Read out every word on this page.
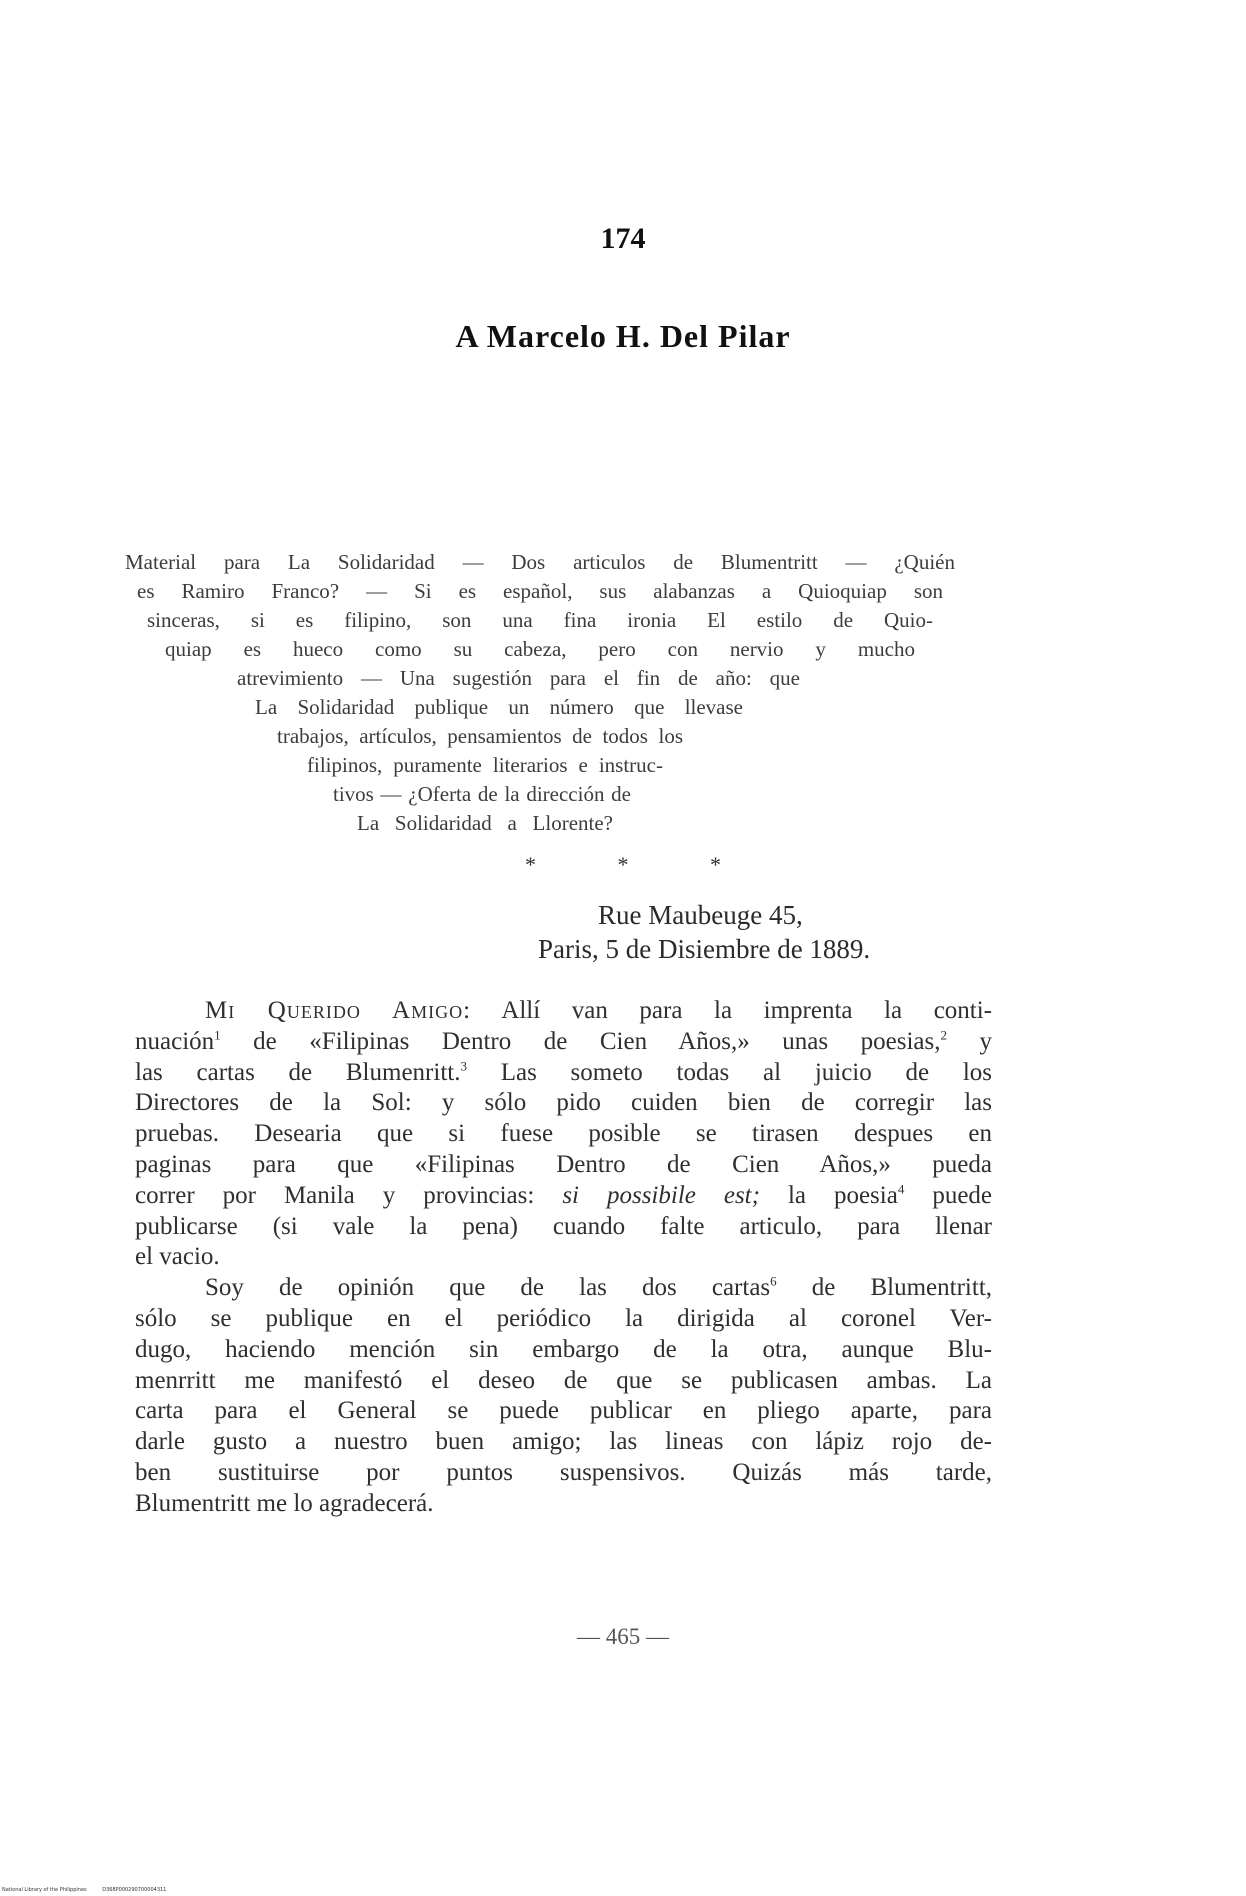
174
A Marcelo H. Del Pilar
Material para La Solidaridad — Dos articulos de Blumentritt — ¿Quién
es Ramiro Franco? — Si es español, sus alabanzas a Quioquiap son
sinceras, si es filipino, son una fina ironia El estilo de Quio-
quiap es hueco como su cabeza, pero con nervio y mucho
atrevimiento — Una sugestión para el fin de año: que
La Solidaridad publique un número que llevase
trabajos, artículos, pensamientos de todos los
filipinos, puramente literarios e instruc-
tivos — ¿Oferta de la dirección de
La Solidaridad a Llorente?
* * *
Rue Maubeuge 45,
Paris, 5 de Disiembre de 1889.
Mi Querido Amigo: Allí van para la imprenta la conti-
nuación$^1$ de «Filipinas Dentro de Cien Años,» unas poesias,$^2$ y
las cartas de Blumenritt.$^3$ Las someto todas al juicio de los
Directores de la Sol: y sólo pido cuiden bien de corregir las
pruebas. Desearia que si fuese posible se tirasen despues en
paginas para que «Filipinas Dentro de Cien Años,» pueda
correr por Manila y provincias: si possibile est; la poesia$^4$ puede
publicarse (si vale la pena) cuando falte articulo, para llenar
el vacio.
Soy de opinión que de las dos cartas$^6$ de Blumentritt,
sólo se publique en el periódico la dirigida al coronel Ver-
dugo, haciendo mención sin embargo de la otra, aunque Blu-
menrritt me manifestó el deseo de que se publicasen ambas. La
carta para el General se puede publicar en pliego aparte, para
darle gusto a nuestro buen amigo; las lineas con lápiz rojo de-
ben sustituirse por puntos suspensivos. Quizás más tarde,
Blumentritt me lo agradecerá.
— 465 —
National Library of the Philippines	D368P000290700004311
